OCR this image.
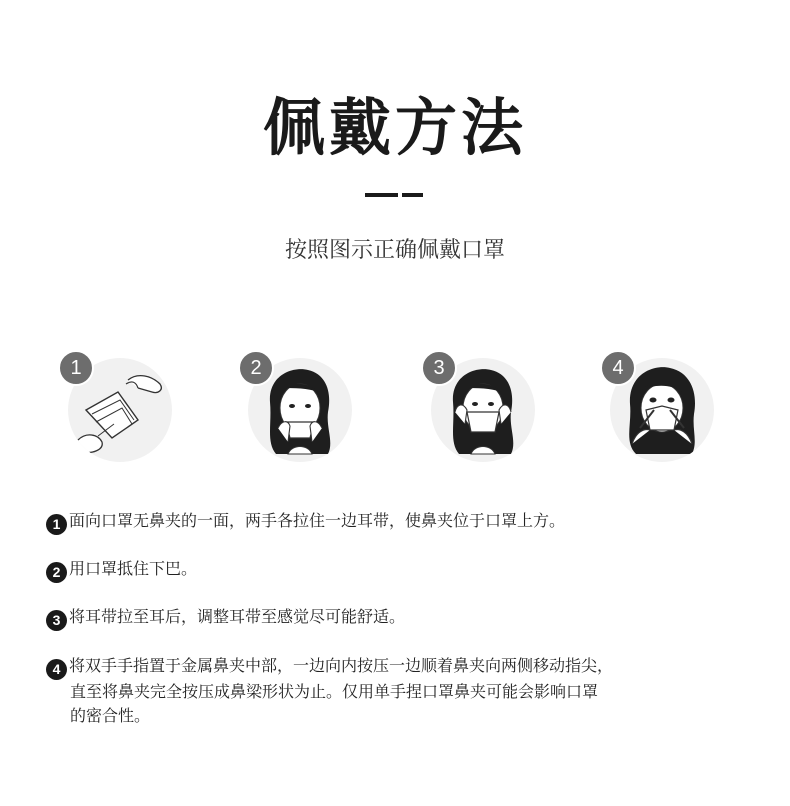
佩戴方法
按照图示正确佩戴口罩
1	2	3	4
1 面向口罩无鼻夹的一面，两手各拉住一边耳带，使鼻夹位于口罩上方。
2 用口罩抵住下巴。
3 将耳带拉至耳后，调整耳带至感觉尽可能舒适。
4 将双手手指置于金属鼻夹中部，一边向内按压一边顺着鼻夹向两侧移动指尖，
直至将鼻夹完全按压成鼻梁形状为止。仅用单手捏口罩鼻夹可能会影响口罩
的密合性。
